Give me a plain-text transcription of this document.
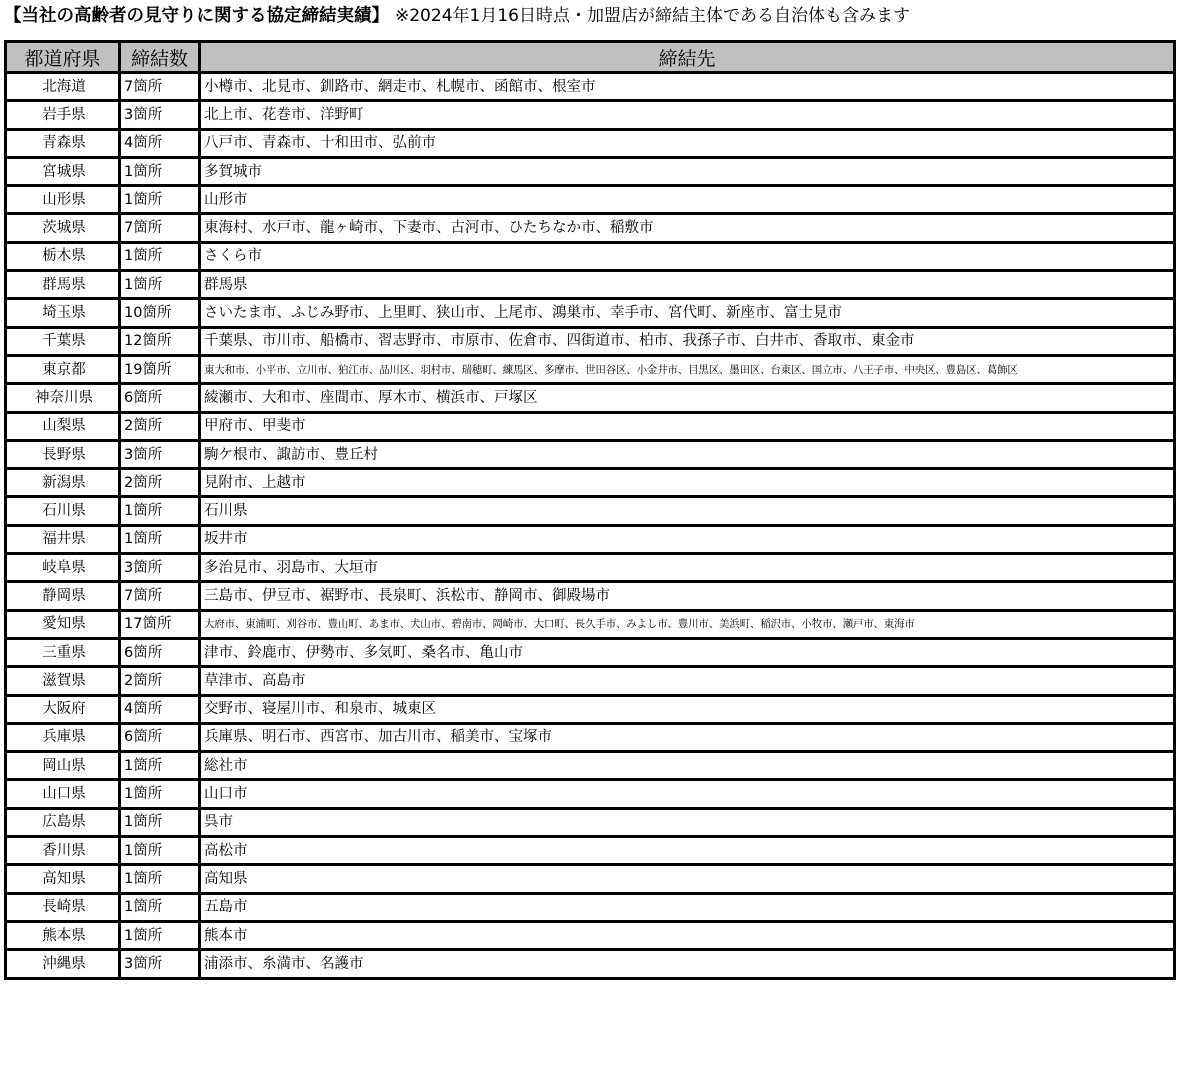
【当社の高齢者の見守りに関する協定締結実績】 ※2024年1月16日時点・加盟店が締結主体である自治体も含みます
都道府県	締結数	締結先
北海道	7箇所	小樽市、北見市、釧路市、網走市、札幌市、函館市、根室市
岩手県	3箇所	北上市、花巻市、洋野町
青森県	4箇所	八戸市、青森市、十和田市、弘前市
宮城県	1箇所	多賀城市
山形県	1箇所	山形市
茨城県	7箇所	東海村、水戸市、龍ヶ崎市、下妻市、古河市、ひたちなか市、稲敷市
栃木県	1箇所	さくら市
群馬県	1箇所	群馬県
埼玉県	10箇所	さいたま市、ふじみ野市、上里町、狭山市、上尾市、鴻巣市、幸手市、宮代町、新座市、富士見市
千葉県	12箇所	千葉県、市川市、船橋市、習志野市、市原市、佐倉市、四街道市、柏市、我孫子市、白井市、香取市、東金市
東京都	19箇所	東大和市、小平市、立川市、狛江市、品川区、羽村市、瑞穂町、練馬区、多摩市、世田谷区、小金井市、目黒区、墨田区、台東区、国立市、八王子市、中央区、豊島区、葛飾区
神奈川県	6箇所	綾瀬市、大和市、座間市、厚木市、横浜市、戸塚区
山梨県	2箇所	甲府市、甲斐市
長野県	3箇所	駒ケ根市、諏訪市、豊丘村
新潟県	2箇所	見附市、上越市
石川県	1箇所	石川県
福井県	1箇所	坂井市
岐阜県	3箇所	多治見市、羽島市、大垣市
静岡県	7箇所	三島市、伊豆市、裾野市、長泉町、浜松市、静岡市、御殿場市
愛知県	17箇所	大府市、東浦町、刈谷市、豊山町、あま市、犬山市、碧南市、岡崎市、大口町、長久手市、みよし市、豊川市、美浜町、稲沢市、小牧市、瀬戸市、東海市
三重県	6箇所	津市、鈴鹿市、伊勢市、多気町、桑名市、亀山市
滋賀県	2箇所	草津市、高島市
大阪府	4箇所	交野市、寝屋川市、和泉市、城東区
兵庫県	6箇所	兵庫県、明石市、西宮市、加古川市、稲美市、宝塚市
岡山県	1箇所	総社市
山口県	1箇所	山口市
広島県	1箇所	呉市
香川県	1箇所	高松市
高知県	1箇所	高知県
長崎県	1箇所	五島市
熊本県	1箇所	熊本市
沖縄県	3箇所	浦添市、糸満市、名護市
